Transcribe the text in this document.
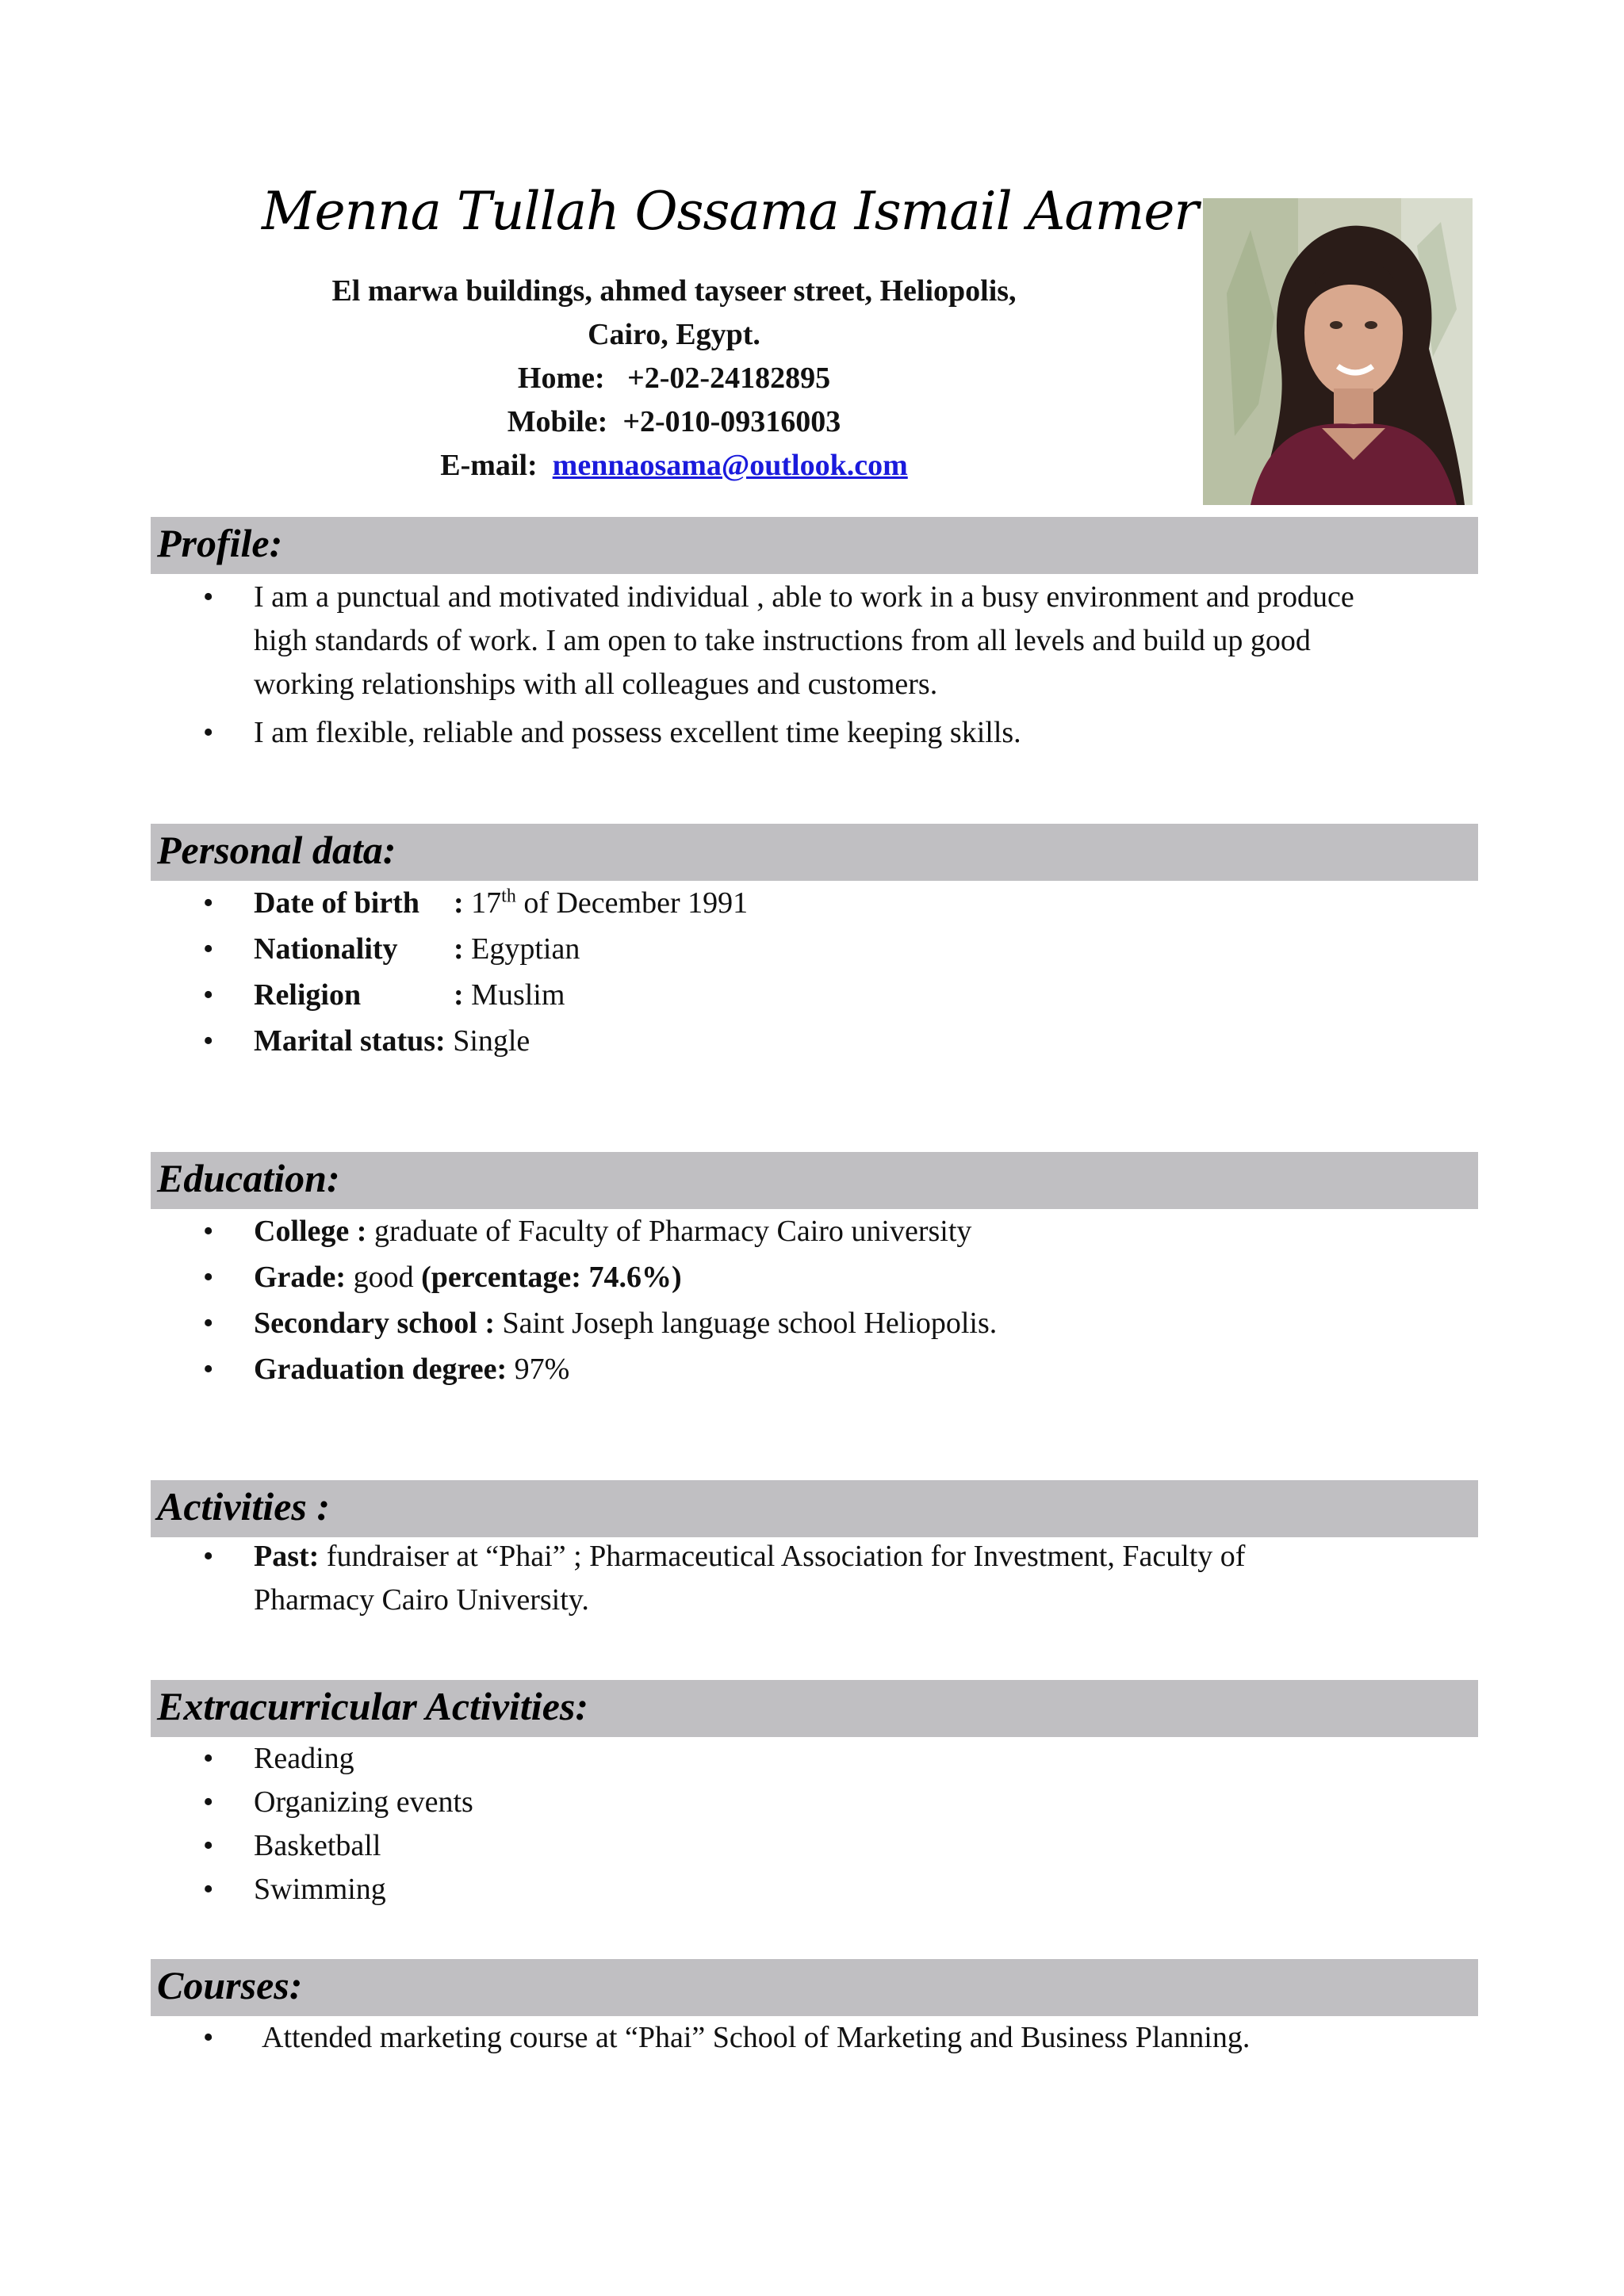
Menna Tullah Ossama Ismail Aamer
El marwa buildings, ahmed tayseer street, Heliopolis,
Cairo, Egypt.
Home: +2-02-24182895
Mobile: +2-010-09316003
E-mail: mennaosama@outlook.com
Profile:
• I am a punctual and motivated individual , able to work in a busy environment and produce
high standards of work. I am open to take instructions from all levels and build up good
working relationships with all colleagues and customers.
• I am flexible, reliable and possess excellent time keeping skills.
Personal data:
• Date of birth : 17th of December 1991
• Nationality : Egyptian
• Religion	: Muslim
• Marital status: Single
Education:
• College : graduate of Faculty of Pharmacy Cairo university
• Grade: good (percentage: 74.6%)
• Secondary school : Saint Joseph language school Heliopolis.
• Graduation degree: 97%
Activities :
• Past: fundraiser at “Phai” ; Pharmaceutical Association for Investment, Faculty of
Pharmacy Cairo University.
Extracurricular Activities:
• Reading
• Organizing events
• Basketball
• Swimming
Courses:
• Attended marketing course at “Phai” School of Marketing and Business Planning.
